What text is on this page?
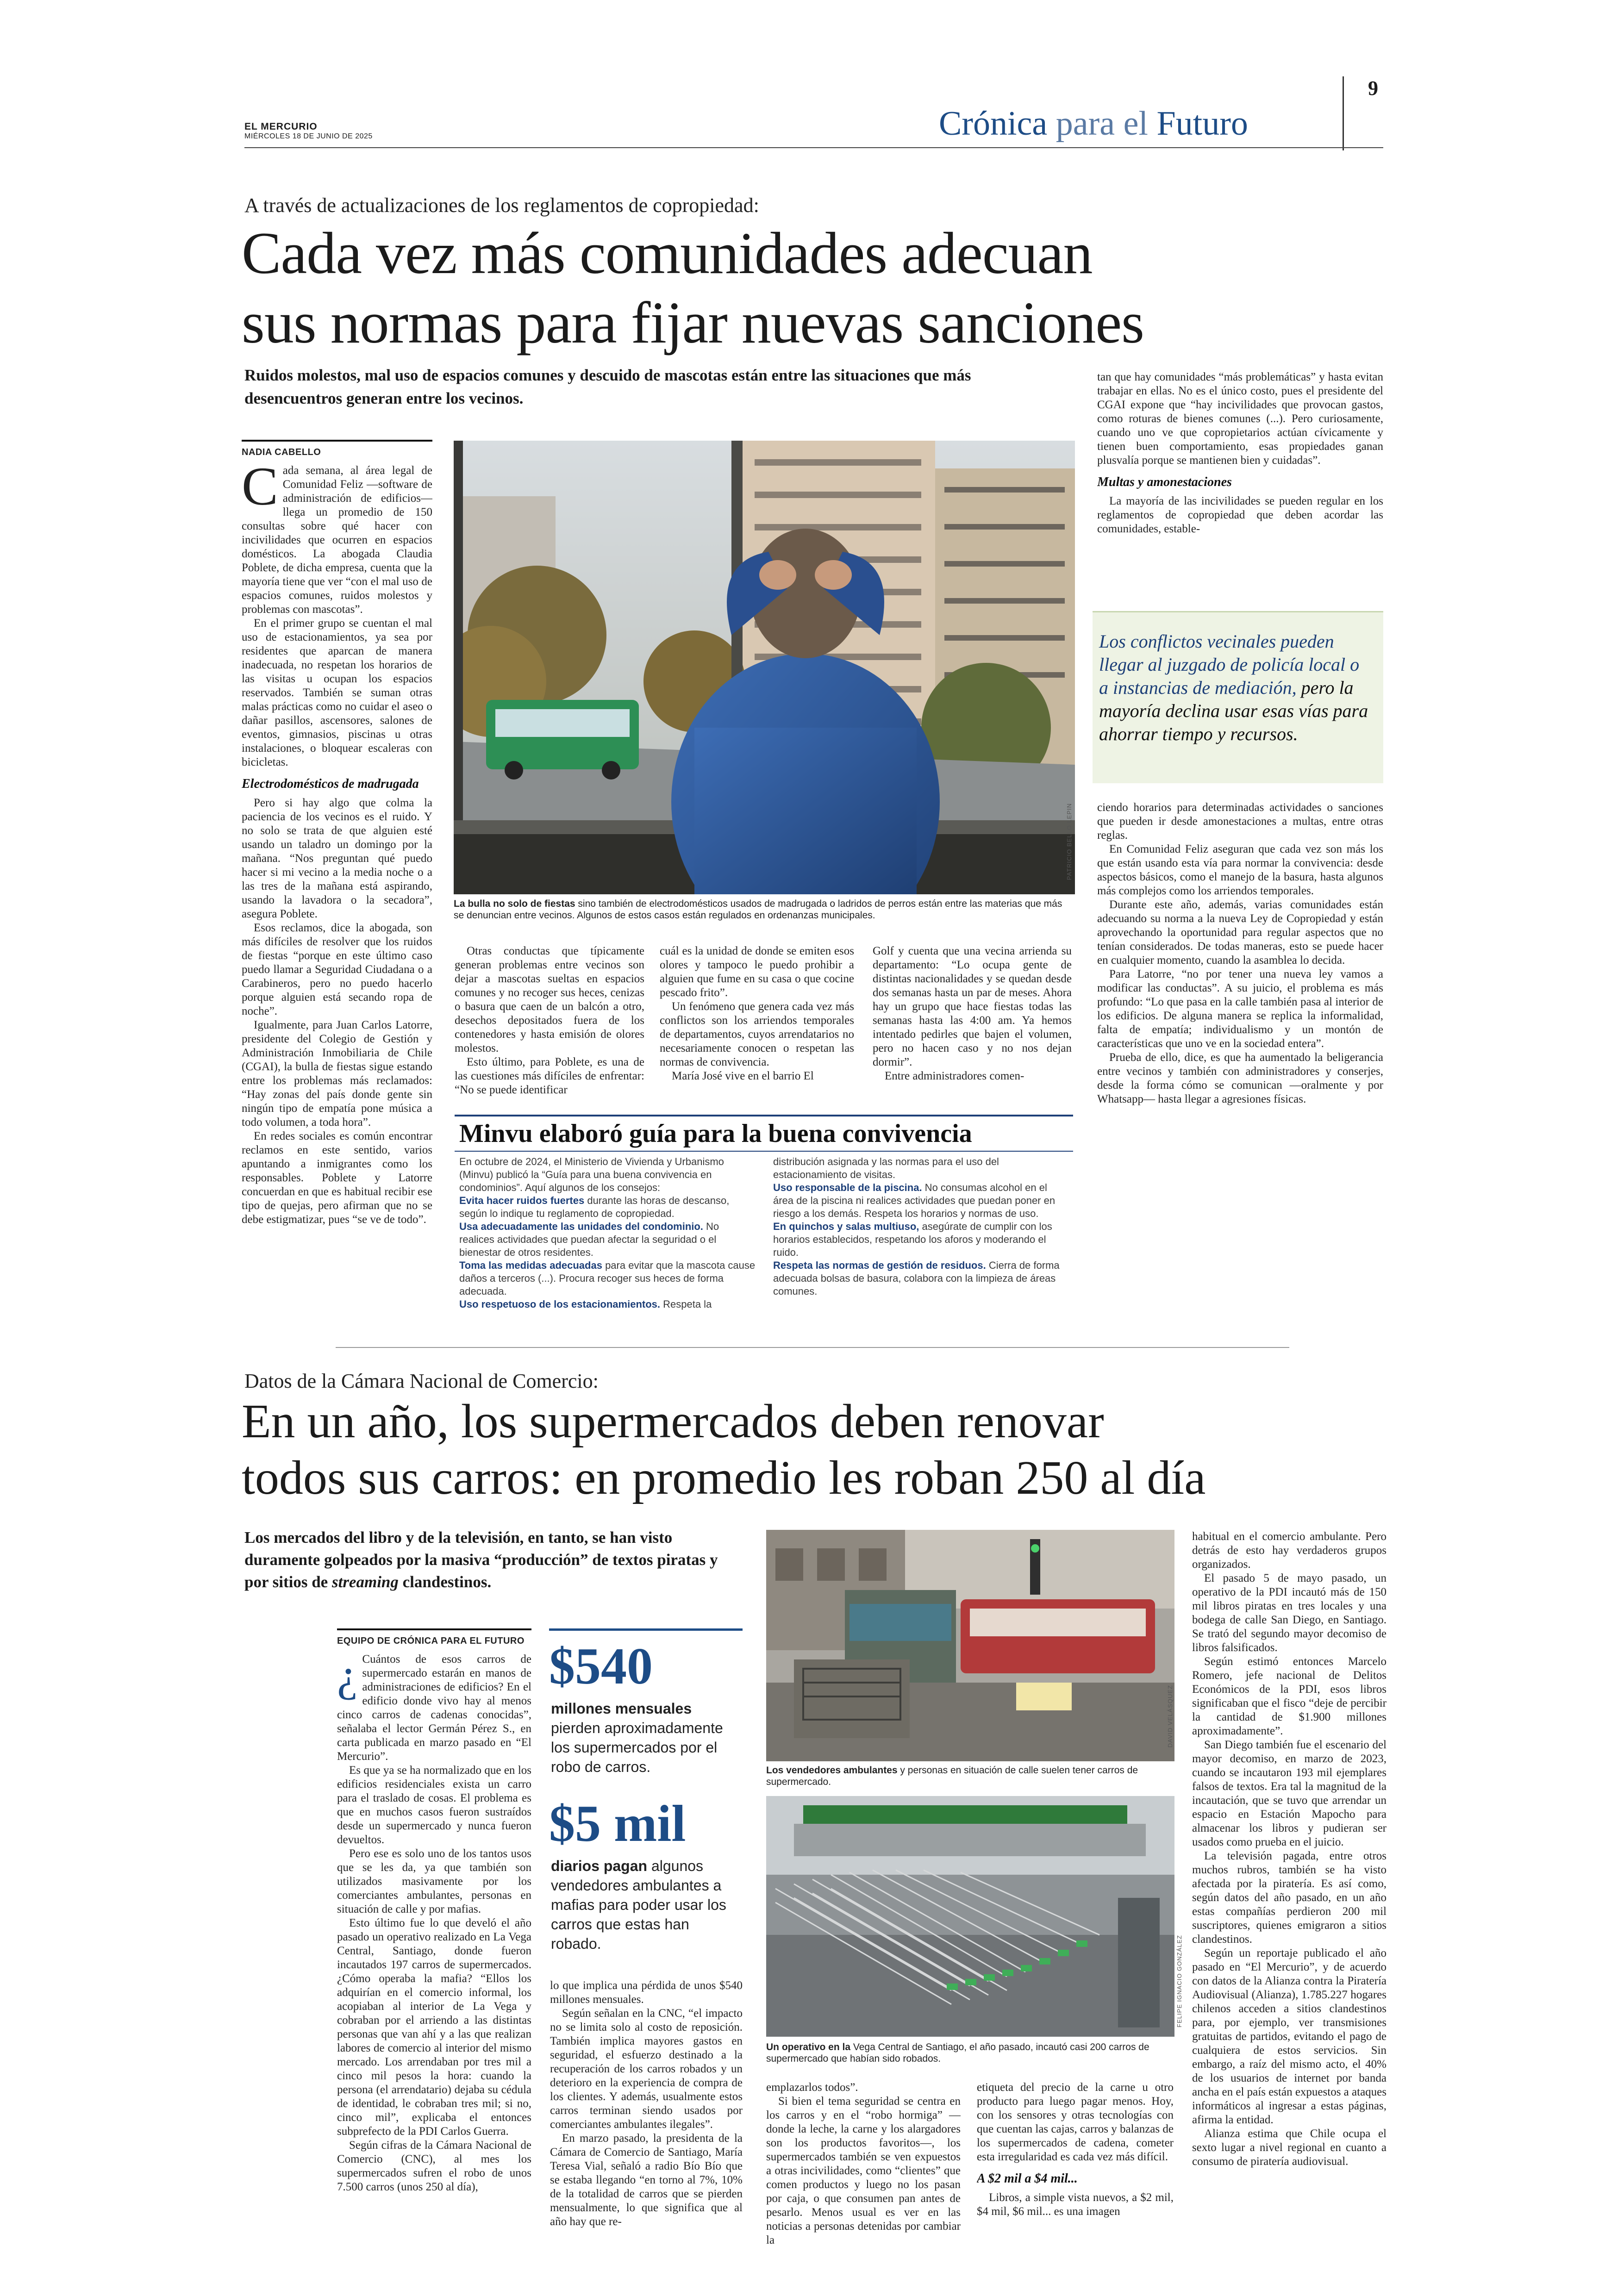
EL MERCURIO
MIÉRCOLES 18 DE JUNIO DE 2025	Crónica para el Futuro
9
A través de actualizaciones de los reglamentos de copropiedad:
Cada vez más comunidades adecuan
sus normas para fijar nuevas sanciones
Ruidos molestos, mal uso de espacios comunes y descuido de mascotas están entre las situaciones que más desencuentros generan entre los vecinos.
NADIA CABELLO
C ada semana, al área legal de Comunidad Feliz —software de administración de edificios— llega un promedio de 150 consultas sobre qué hacer con incivilidades que ocurren en espacios domésticos. La abogada Claudia Poblete, de dicha empresa, cuenta que la mayoría tiene que ver “con el mal uso de espacios comunes, ruidos molestos y problemas con mascotas”.

En el primer grupo se cuentan el mal uso de estacionamientos, ya sea por residentes que aparcan de manera inadecuada, no respetan los horarios de las visitas u ocupan los espacios reservados. También se suman otras malas prácticas como no cuidar el aseo o dañar pasillos, ascensores, salones de eventos, gimnasios, piscinas u otras instalaciones, o bloquear escaleras con bicicletas.

Electrodomésticos de madrugada

Pero si hay algo que colma la paciencia de los vecinos es el ruido. Y no solo se trata de que alguien esté usando un taladro un domingo por la mañana. “Nos preguntan qué puedo hacer si mi vecino a la media noche o a las tres de la mañana está aspirando, usando la lavadora o la secadora”, asegura Poblete.

Esos reclamos, dice la abogada, son más difíciles de resolver que los ruidos de fiestas “porque en este último caso puedo llamar a Seguridad Ciudadana o a Carabineros, pero no puedo hacerlo porque alguien está secando ropa de noche”.

Igualmente, para Juan Carlos Latorre, presidente del Colegio de Gestión y Administración Inmobiliaria de Chile (CGAI), la bulla de fiestas sigue estando entre los problemas más reclamados: “Hay zonas del país donde gente sin ningún tipo de empatía pone música a todo volumen, a toda hora”.

En redes sociales es común encontrar reclamos en este sentido, varios apuntando a inmigrantes como los responsables. Poblete y Latorre concuerdan en que es habitual recibir ese tipo de quejas, pero afirman que no se debe estigmatizar, pues “se ve de todo”.

PATRICIO BELLO LEPIN
La bulla no solo de fiestas sino también de electrodomésticos usados de madrugada o ladridos de perros están entre las materias que más se denuncian entre vecinos. Algunos de estos casos están regulados en ordenanzas municipales.

Otras conductas que típicamente generan problemas entre vecinos son dejar a mascotas sueltas en espacios comunes y no recoger sus heces, cenizas o basura que caen de un balcón a otro, desechos depositados fuera de los contenedores y hasta emisión de olores molestos.

Esto último, para Poblete, es una de las cuestiones más difíciles de enfrentar: “No se puede identificar

cuál es la unidad de donde se emiten esos olores y tampoco le puedo prohibir a alguien que fume en su casa o que cocine pescado frito”.

Un fenómeno que genera cada vez más conflictos son los arriendos temporales de departamentos, cuyos arrendatarios no necesariamente conocen o respetan las normas de convivencia.

María José vive en el barrio El

Golf y cuenta que una vecina arrienda su departamento: “Lo ocupa gente de distintas nacionalidades y se quedan desde dos semanas hasta un par de meses. Ahora hay un grupo que hace fiestas todas las semanas hasta las 4:00 am. Ya hemos intentado pedirles que bajen el volumen, pero no hacen caso y no nos dejan dormir”.

Entre administradores comen-

Minvu elaboró guía para la buena convivencia
En octubre de 2024, el Ministerio de Vivienda y Urbanismo (Minvu) publicó la “Guía para una buena convivencia en condominios”. Aquí algunos de los consejos:
Evita hacer ruidos fuertes durante las horas de descanso, según lo indique tu reglamento de copropiedad.
Usa adecuadamente las unidades del condominio. No realices actividades que puedan afectar la seguridad o el bienestar de otros residentes.
Toma las medidas adecuadas para evitar que la mascota cause daños a terceros (...). Procura recoger sus heces de forma adecuada.
Uso respetuoso de los estacionamientos. Respeta la
distribución asignada y las normas para el uso del estacionamiento de visitas.
Uso responsable de la piscina. No consumas alcohol en el área de la piscina ni realices actividades que puedan poner en riesgo a los demás. Respeta los horarios y normas de uso.
En quinchos y salas multiuso, asegúrate de cumplir con los horarios establecidos, respetando los aforos y moderando el ruido.
Respeta las normas de gestión de residuos. Cierra de forma adecuada bolsas de basura, colabora con la limpieza de áreas comunes.

tan que hay comunidades “más problemáticas” y hasta evitan trabajar en ellas. No es el único costo, pues el presidente del CGAI expone que “hay incivilidades que provocan gastos, como roturas de bienes comunes (...). Pero curiosamente, cuando uno ve que copropietarios actúan cívicamente y tienen buen comportamiento, esas propiedades ganan plusvalía porque se mantienen bien y cuidadas”.

Multas y amonestaciones

La mayoría de las incivilidades se pueden regular en los reglamentos de copropiedad que deben acordar las comunidades, estable-

Los conflictos vecinales pueden llegar al juzgado de policía local o a instancias de mediación, pero la mayoría declina usar esas vías para ahorrar tiempo y recursos.

ciendo horarios para determinadas actividades o sanciones que pueden ir desde amonestaciones a multas, entre otras reglas.

En Comunidad Feliz aseguran que cada vez son más los que están usando esta vía para normar la convivencia: desde aspectos básicos, como el manejo de la basura, hasta algunos más complejos como los arriendos temporales.

Durante este año, además, varias comunidades están adecuando su norma a la nueva Ley de Copropiedad y están aprovechando la oportunidad para regular aspectos que no tenían considerados. De todas maneras, esto se puede hacer en cualquier momento, cuando la asamblea lo decida.

Para Latorre, “no por tener una nueva ley vamos a modificar las conductas”. A su juicio, el problema es más profundo: “Lo que pasa en la calle también pasa al interior de los edificios. De alguna manera se replica la informalidad, falta de empatía; individualismo y un montón de características que uno ve en la sociedad entera”.

Prueba de ello, dice, es que ha aumentado la beligerancia entre vecinos y también con administradores y conserjes, desde la forma cómo se comunican —oralmente y por Whatsapp— hasta llegar a agresiones físicas.

Datos de la Cámara Nacional de Comercio:
En un año, los supermercados deben renovar
todos sus carros: en promedio les roban 250 al día
Los mercados del libro y de la televisión, en tanto, se han visto duramente golpeados por la masiva “producción” de textos piratas y por sitios de streaming clandestinos.
EQUIPO DE CRÓNICA PARA EL FUTURO
¿ Cuántos de esos carros de supermercado estarán en manos de administraciones de edificios? En el edificio donde vivo hay al menos cinco carros de cadenas conocidas”, señalaba el lector Germán Pérez S., en carta publicada en marzo pasado en “El Mercurio”.

Es que ya se ha normalizado que en los edificios residenciales exista un carro para el traslado de cosas. El problema es que en muchos casos fueron sustraídos desde un supermercado y nunca fueron devueltos.

Pero ese es solo uno de los tantos usos que se les da, ya que también son utilizados masivamente por los comerciantes ambulantes, personas en situación de calle y por mafias.

Esto último fue lo que develó el año pasado un operativo realizado en La Vega Central, Santiago, donde fueron incautados 197 carros de supermercados. ¿Cómo operaba la mafia? “Ellos los adquirían en el comercio informal, los acopiaban al interior de La Vega y cobraban por el arriendo a las distintas personas que van ahí y a las que realizan labores de comercio al interior del mismo mercado. Los arrendaban por tres mil a cinco mil pesos la hora: cuando la persona (el arrendatario) dejaba su cédula de identidad, le cobraban tres mil; si no, cinco mil”, explicaba el entonces subprefecto de la PDI Carlos Guerra.

Según cifras de la Cámara Nacional de Comercio (CNC), al mes los supermercados sufren el robo de unos 7.500 carros (unos 250 al día),

$540
millones mensuales pierden aproximadamente los supermercados por el robo de carros.
$5 mil
diarios pagan algunos vendedores ambulantes a mafias para poder usar los carros que estas han robado.

lo que implica una pérdida de unos $540 millones mensuales.

Según señalan en la CNC, “el impacto no se limita solo al costo de reposición. También implica mayores gastos en seguridad, el esfuerzo destinado a la recuperación de los carros robados y un deterioro en la experiencia de compra de los clientes. Y además, usualmente estos carros terminan siendo usados por comerciantes ambulantes ilegales”.

En marzo pasado, la presidenta de la Cámara de Comercio de Santiago, María Teresa Vial, señaló a radio Bío Bío que se estaba llegando “en torno al 7%, 10% de la totalidad de carros que se pierden mensualmente, lo que significa que al año hay que re-

DAVID VELÁSQUEZ
Los vendedores ambulantes y personas en situación de calle suelen tener carros de supermercado.
FELIPE IGNACIO GONZÁLEZ
Un operativo en la Vega Central de Santiago, el año pasado, incautó casi 200 carros de supermercado que habían sido robados.

emplazarlos todos”.

Si bien el tema seguridad se centra en los carros y en el “robo hormiga” —donde la leche, la carne y los alargadores son los productos favoritos—, los supermercados también se ven expuestos a otras incivilidades, como “clientes” que comen productos y luego no los pasan por caja, o que consumen pan antes de pesarlo. Menos usual es ver en las noticias a personas detenidas por cambiar la

etiqueta del precio de la carne u otro producto para luego pagar menos. Hoy, con los sensores y otras tecnologías con que cuentan las cajas, carros y balanzas de los supermercados de cadena, cometer esta irregularidad es cada vez más difícil.

A $2 mil a $4 mil...

Libros, a simple vista nuevos, a $2 mil, $4 mil, $6 mil... es una imagen

habitual en el comercio ambulante. Pero detrás de esto hay verdaderos grupos organizados.

El pasado 5 de mayo pasado, un operativo de la PDI incautó más de 150 mil libros piratas en tres locales y una bodega de calle San Diego, en Santiago. Se trató del segundo mayor decomiso de libros falsificados.

Según estimó entonces Marcelo Romero, jefe nacional de Delitos Económicos de la PDI, esos libros significaban que el fisco “deje de percibir la cantidad de $1.900 millones aproximadamente”.

San Diego también fue el escenario del mayor decomiso, en marzo de 2023, cuando se incautaron 193 mil ejemplares falsos de textos. Era tal la magnitud de la incautación, que se tuvo que arrendar un espacio en Estación Mapocho para almacenar los libros y pudieran ser usados como prueba en el juicio.

La televisión pagada, entre otros muchos rubros, también se ha visto afectada por la piratería. Es así como, según datos del año pasado, en un año estas compañías perdieron 200 mil suscriptores, quienes emigraron a sitios clandestinos.

Según un reportaje publicado el año pasado en “El Mercurio”, y de acuerdo con datos de la Alianza contra la Piratería Audiovisual (Alianza), 1.785.227 hogares chilenos acceden a sitios clandestinos para, por ejemplo, ver transmisiones gratuitas de partidos, evitando el pago de cualquiera de estos servicios. Sin embargo, a raíz del mismo acto, el 40% de los usuarios de internet por banda ancha en el país están expuestos a ataques informáticos al ingresar a estas páginas, afirma la entidad.

Alianza estima que Chile ocupa el sexto lugar a nivel regional en cuanto a consumo de piratería audiovisual.
